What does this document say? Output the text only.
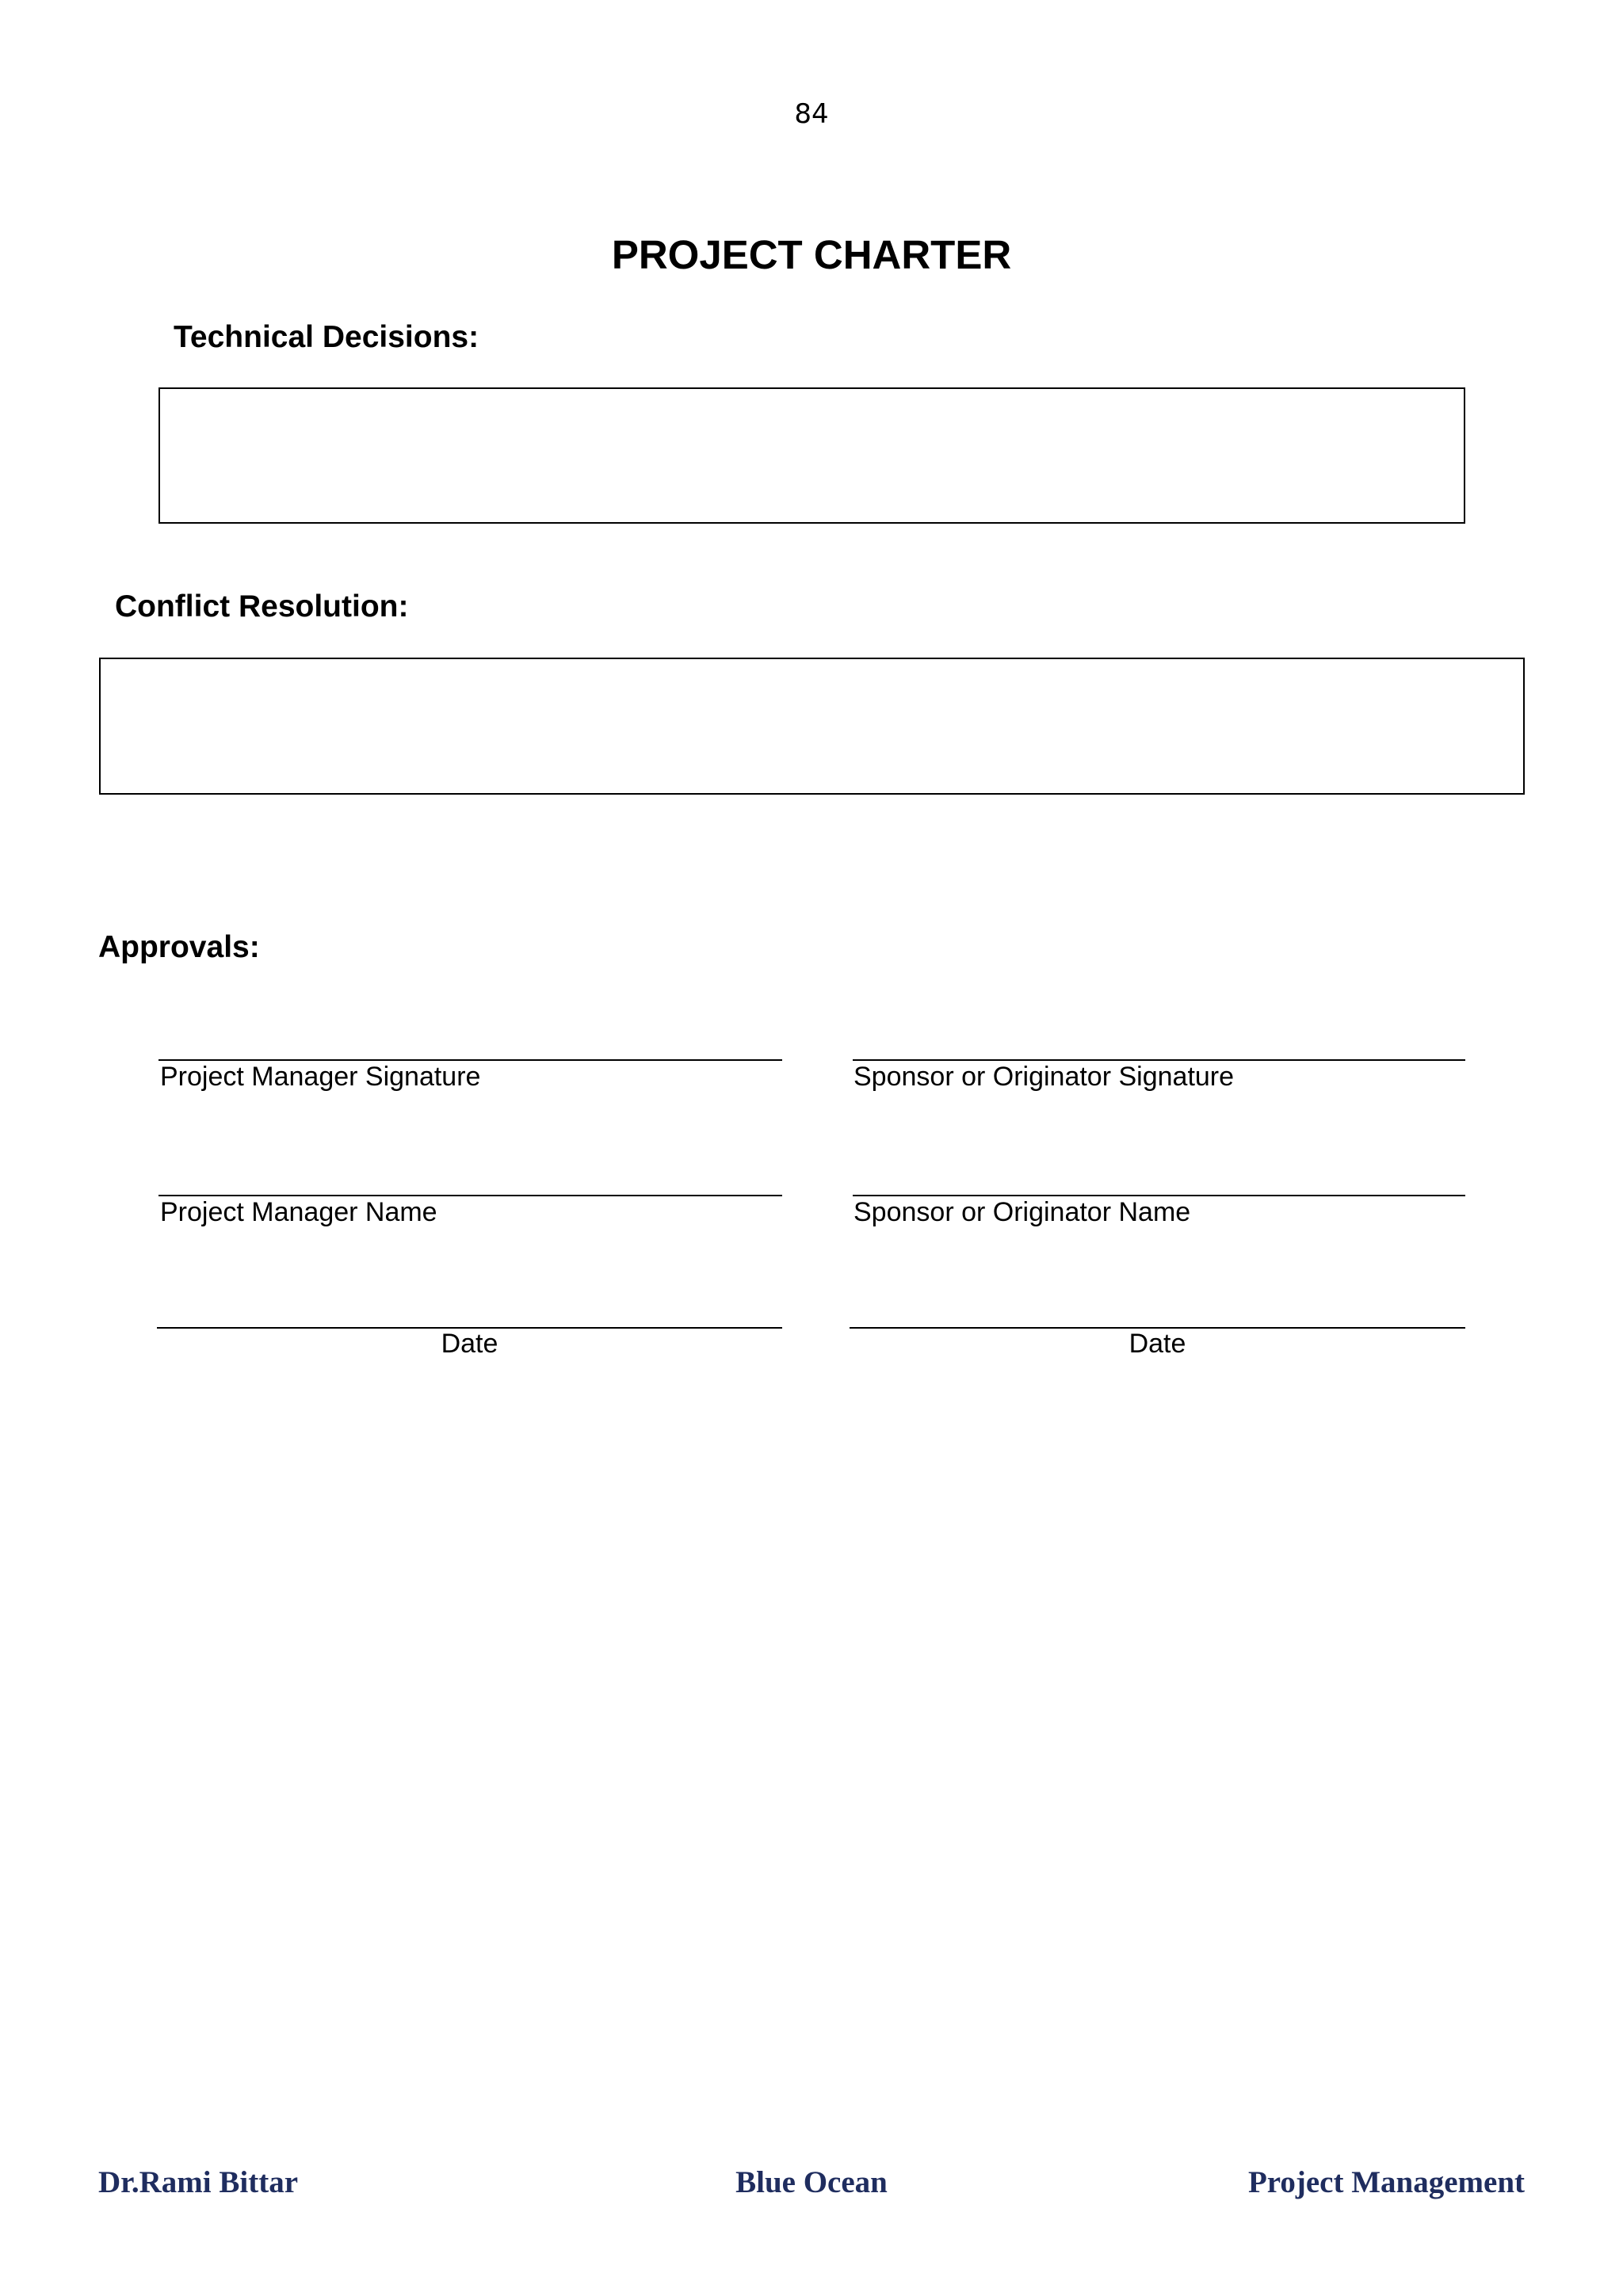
84
PROJECT CHARTER
Technical Decisions:
Conflict Resolution:
Approvals:
Project Manager Signature	Sponsor or Originator Signature
Project Manager Name	Sponsor or Originator Name
Date	Date
Dr.Rami Bittar	Blue Ocean	Project Management
